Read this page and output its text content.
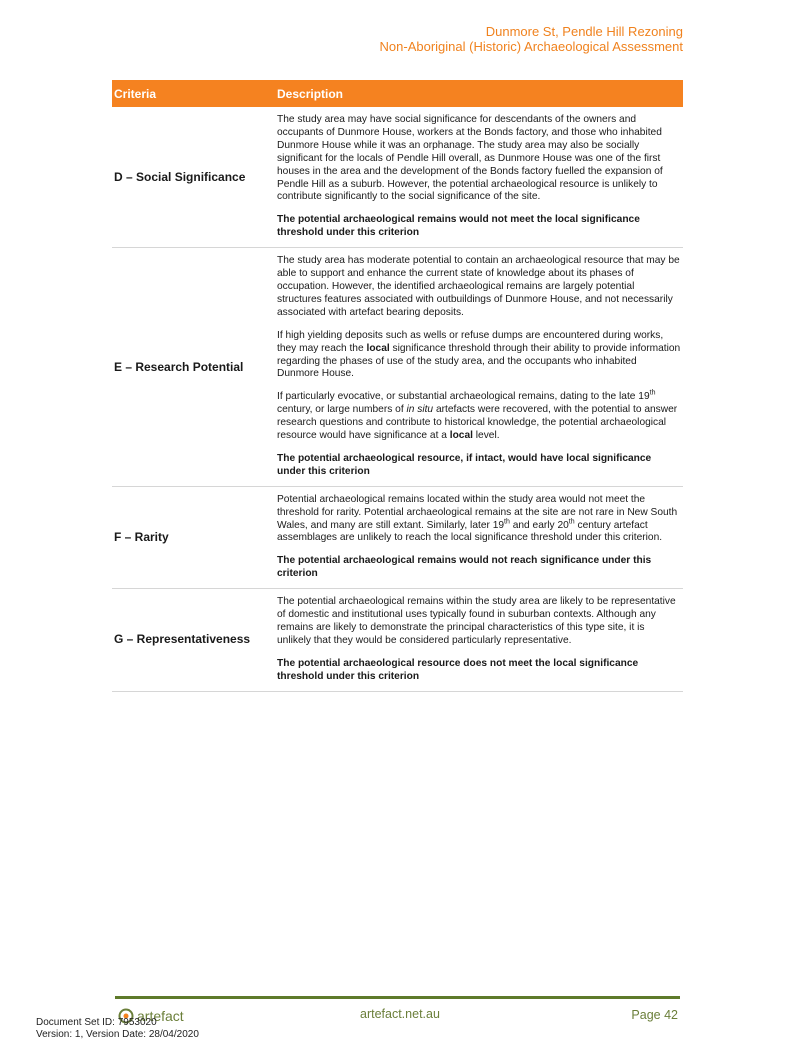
Dunmore St, Pendle Hill Rezoning
Non-Aboriginal (Historic) Archaeological Assessment
Criteria	Description
D – Social Significance	The study area may have social significance for descendants of the owners and occupants of Dunmore House, workers at the Bonds factory, and those who inhabited Dunmore House while it was an orphanage. The study area may also be socially significant for the locals of Pendle Hill overall, as Dunmore House was one of the first houses in the area and the development of the Bonds factory fuelled the expansion of Pendle Hill as a suburb. However, the potential archaeological resource is unlikely to contribute significantly to the social significance of the site.

The potential archaeological remains would not meet the local significance threshold under this criterion

E – Research Potential	The study area has moderate potential to contain an archaeological resource that may be able to support and enhance the current state of knowledge about its phases of occupation. However, the identified archaeological remains are largely potential structures features associated with outbuildings of Dunmore House, and not necessarily associated with artefact bearing deposits.

If high yielding deposits such as wells or refuse dumps are encountered during works, they may reach the local significance threshold through their ability to provide information regarding the phases of use of the study area, and the occupants who inhabited Dunmore House.

If particularly evocative, or substantial archaeological remains, dating to the late 19th century, or large numbers of in situ artefacts were recovered, with the potential to answer research questions and contribute to historical knowledge, the potential archaeological resource would have significance at a local level.

The potential archaeological resource, if intact, would have local significance under this criterion

F – Rarity	Potential archaeological remains located within the study area would not meet the threshold for rarity. Potential archaeological remains at the site are not rare in New South Wales, and many are still extant. Similarly, later 19th and early 20th century artefact assemblages are unlikely to reach the local significance threshold under this criterion.

The potential archaeological remains would not reach significance under this criterion

G – Representativeness	The potential archaeological remains within the study area are likely to be representative of domestic and institutional uses typically found in suburban contexts. Although any remains are likely to demonstrate the principal characteristics of this type site, it is unlikely that they would be considered particularly representative.

The potential archaeological resource does not meet the local significance threshold under this criterion

artefact	artefact.net.au	Page 42
Document Set ID: 7953020
Version: 1, Version Date: 28/04/2020
